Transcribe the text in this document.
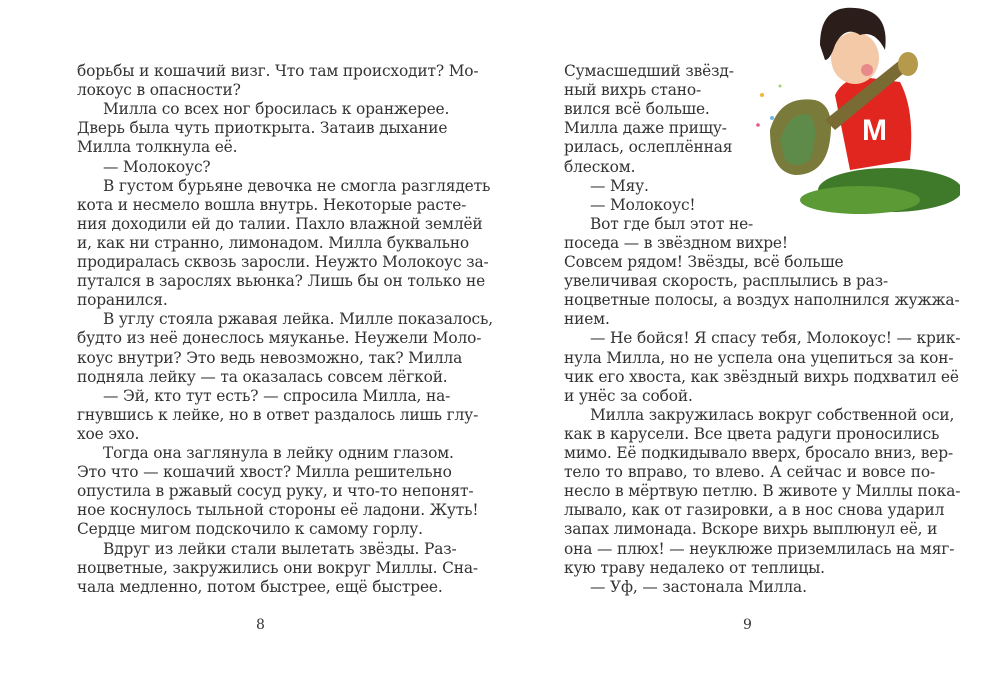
борьбы и кошачий визг. Что там происходит? Мо-
локоус в опасности?
Милла со всех ног бросилась к оранжерее.
Дверь была чуть приоткрыта. Затаив дыхание
Милла толкнула её.
— Молокоус?
В густом бурьяне девочка не смогла разглядеть
кота и несмело вошла внутрь. Некоторые расте-
ния доходили ей до талии. Пахло влажной землёй
и, как ни странно, лимонадом. Милла буквально
продиралась сквозь заросли. Неужто Молокоус за-
путался в зарослях вьюнка? Лишь бы он только не
поранился.
В углу стояла ржавая лейка. Милле показалось,
будто из неё донеслось мяуканье. Неужели Моло-
коус внутри? Это ведь невозможно, так? Милла
подняла лейку — та оказалась совсем лёгкой.
— Эй, кто тут есть? — спросила Милла, на-
гнувшись к лейке, но в ответ раздалось лишь глу-
хое эхо.
Тогда она заглянула в лейку одним глазом.
Это что — кошачий хвост? Милла решительно
опустила в ржавый сосуд руку, и что-то непонят-
ное коснулось тыльной стороны её ладони. Жуть!
Сердце мигом подскочило к самому горлу.
Вдруг из лейки стали вылетать звёзды. Раз-
ноцветные, закружились они вокруг Миллы. Сна-
чала медленно, потом быстрее, ещё быстрее.
8
Сумасшедший звёзд-
ный вихрь стано-
вился всё больше.
Милла даже прищу-
рилась, ослеплённая
блеском.
— Мяу.
— Молокоус!
Вот где был этот не-
поседа — в звёздном вихре!
Совсем рядом! Звёзды, всё больше
увеличивая скорость, расплылись в раз-
ноцветные полосы, а воздух наполнился жужжа-
нием.
— Не бойся! Я спасу тебя, Молокоус! — крик-
нула Милла, но не успела она уцепиться за кон-
чик его хвоста, как звёздный вихрь подхватил её
и унёс за собой.
Милла закружилась вокруг собственной оси,
как в карусели. Все цвета радуги проносились
мимо. Её подкидывало вверх, бросало вниз, вер-
тело то вправо, то влево. А сейчас и вовсе по-
несло в мёртвую петлю. В животе у Миллы пока-
лывало, как от газировки, а в нос снова ударил
запах лимонада. Вскоре вихрь выплюнул её, и
она — плюх! — неуклюже приземлилась на мяг-
кую траву недалеко от теплицы.
— Уф, — застонала Милла.
9
M
